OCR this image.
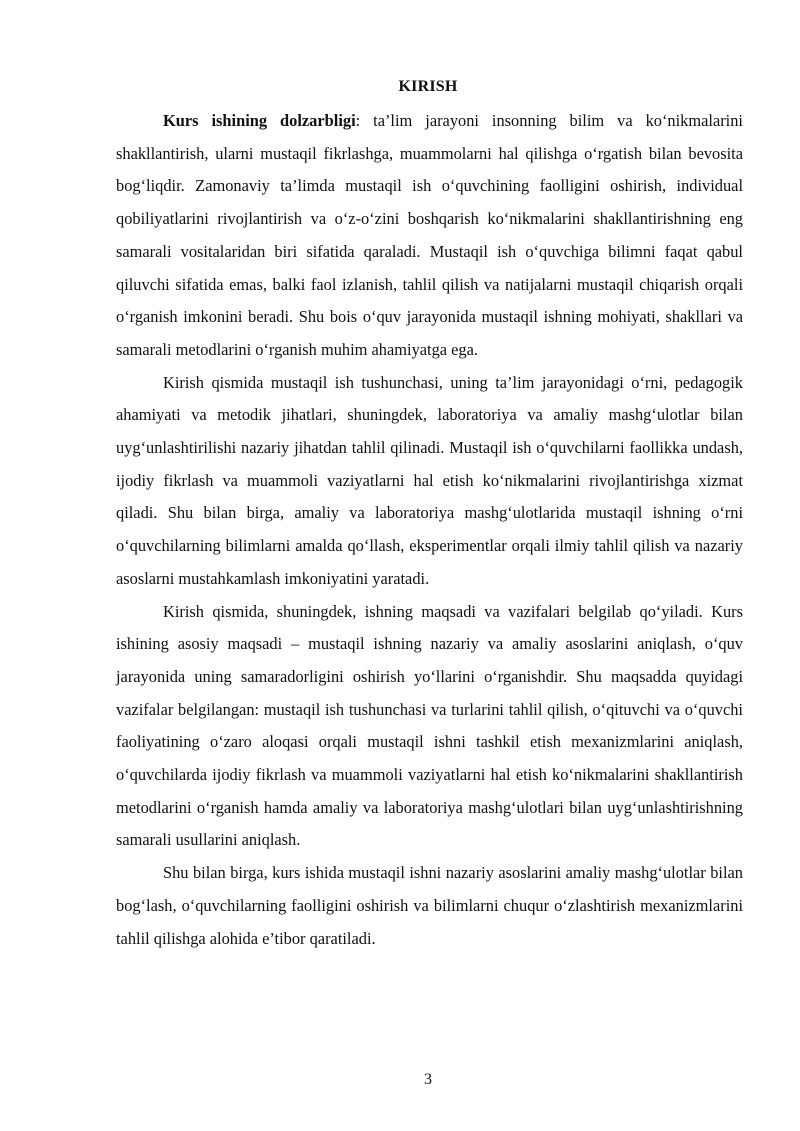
KIRISH

Kurs ishining dolzarbligi: ta’lim jarayoni insonning bilim va ko‘nikmalarini shakllantirish, ularni mustaqil fikrlashga, muammolarni hal qilishga o‘rgatish bilan bevosita bog‘liqdir. Zamonaviy ta’limda mustaqil ish o‘quvchining faolligini oshirish, individual qobiliyatlarini rivojlantirish va o‘z-o‘zini boshqarish ko‘nikmalarini shakllantirishning eng samarali vositalaridan biri sifatida qaraladi. Mustaqil ish o‘quvchiga bilimni faqat qabul qiluvchi sifatida emas, balki faol izlanish, tahlil qilish va natijalarni mustaqil chiqarish orqali o‘rganish imkonini beradi. Shu bois o‘quv jarayonida mustaqil ishning mohiyati, shakllari va samarali metodlarini o‘rganish muhim ahamiyatga ega.

Kirish qismida mustaqil ish tushunchasi, uning ta’lim jarayonidagi o‘rni, pedagogik ahamiyati va metodik jihatlari, shuningdek, laboratoriya va amaliy mashg‘ulotlar bilan uyg‘unlashtirilishi nazariy jihatdan tahlil qilinadi. Mustaqil ish o‘quvchilarni faollikka undash, ijodiy fikrlash va muammoli vaziyatlarni hal etish ko‘nikmalarini rivojlantirishga xizmat qiladi. Shu bilan birga, amaliy va laboratoriya mashg‘ulotlarida mustaqil ishning o‘rni o‘quvchilarning bilimlarni amalda qo‘llash, eksperimentlar orqali ilmiy tahlil qilish va nazariy asoslarni mustahkamlash imkoniyatini yaratadi.

Kirish qismida, shuningdek, ishning maqsadi va vazifalari belgilab qo‘yiladi. Kurs ishining asosiy maqsadi – mustaqil ishning nazariy va amaliy asoslarini aniqlash, o‘quv jarayonida uning samaradorligini oshirish yo‘llarini o‘rganishdir. Shu maqsadda quyidagi vazifalar belgilangan: mustaqil ish tushunchasi va turlarini tahlil qilish, o‘qituvchi va o‘quvchi faoliyatining o‘zaro aloqasi orqali mustaqil ishni tashkil etish mexanizmlarini aniqlash, o‘quvchilarda ijodiy fikrlash va muammoli vaziyatlarni hal etish ko‘nikmalarini shakllantirish metodlarini o‘rganish hamda amaliy va laboratoriya mashg‘ulotlari bilan uyg‘unlashtirishning samarali usullarini aniqlash.

Shu bilan birga, kurs ishida mustaqil ishni nazariy asoslarini amaliy mashg‘ulotlar bilan bog‘lash, o‘quvchilarning faolligini oshirish va bilimlarni chuqur o‘zlashtirish mexanizmlarini tahlil qilishga alohida e’tibor qaratiladi.

3
